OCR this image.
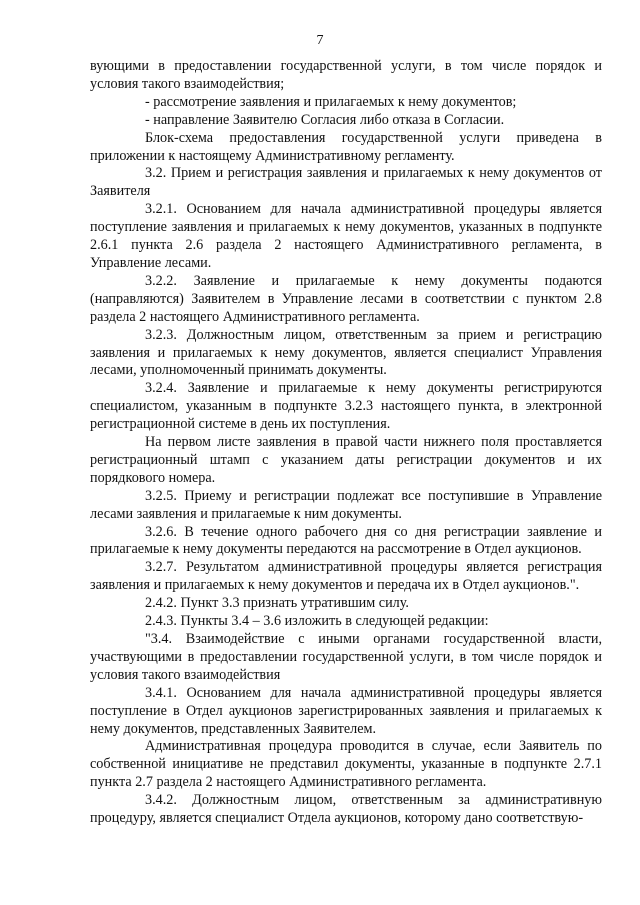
7

вующими в предоставлении государственной услуги, в том числе порядок и условия такого взаимодействия;

- рассмотрение заявления и прилагаемых к нему документов;

- направление Заявителю Согласия либо отказа в Согласии.

Блок-схема предоставления государственной услуги приведена в приложении к настоящему Административному регламенту.

3.2. Прием и регистрация заявления и прилагаемых к нему документов от Заявителя

3.2.1. Основанием для начала административной процедуры является поступление заявления и прилагаемых к нему документов, указанных в подпункте 2.6.1 пункта 2.6 раздела 2 настоящего Административного регламента, в Управление лесами.

3.2.2. Заявление и прилагаемые к нему документы подаются (направляются) Заявителем в Управление лесами в соответствии с пунктом 2.8 раздела 2 настоящего Административного регламента.

3.2.3. Должностным лицом, ответственным за прием и регистрацию заявления и прилагаемых к нему документов, является специалист Управления лесами, уполномоченный принимать документы.

3.2.4. Заявление и прилагаемые к нему документы регистрируются специалистом, указанным в подпункте 3.2.3 настоящего пункта, в электронной регистрационной системе в день их поступления.

На первом листе заявления в правой части нижнего поля проставляется регистрационный штамп с указанием даты регистрации документов и их порядкового номера.

3.2.5. Приему и регистрации подлежат все поступившие в Управление лесами заявления и прилагаемые к ним документы.

3.2.6. В течение одного рабочего дня со дня регистрации заявление и прилагаемые к нему документы передаются на рассмотрение в Отдел аукционов.

3.2.7. Результатом административной процедуры является регистрация заявления и прилагаемых к нему документов и передача их в Отдел аукционов.".

2.4.2. Пункт 3.3 признать утратившим силу.

2.4.3. Пункты 3.4 – 3.6 изложить в следующей редакции:

"3.4. Взаимодействие с иными органами государственной власти, участвующими в предоставлении государственной услуги, в том числе порядок и условия такого взаимодействия

3.4.1. Основанием для начала административной процедуры является поступление в Отдел аукционов зарегистрированных заявления и прилагаемых к нему документов, представленных Заявителем.

Административная процедура проводится в случае, если Заявитель по собственной инициативе не представил документы, указанные в подпункте 2.7.1 пункта 2.7 раздела 2 настоящего Административного регламента.

3.4.2. Должностным лицом, ответственным за административную процедуру, является специалист Отдела аукционов, которому дано соответствую-
